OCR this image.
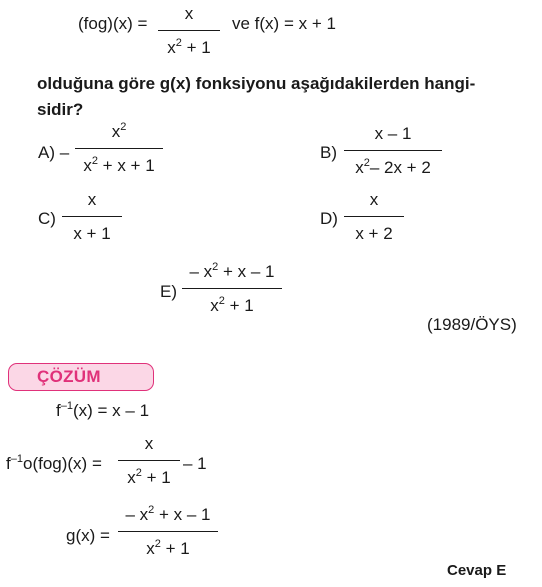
(fog)(x) =
x
$x^2 + 1$
ve f(x) = x + 1
olduğuna göre g(x) fonksiyonu aşağıdakilerden hangi-
sidir?
A) –
$x^2$
$x^2 + x + 1$
B)
x – 1
$x^2-$ 2x + 2
C)
x
x + 1
D)
x
x + 2
E)
– $x^2 + x - 1$
$x^2 + 1$
(1989/ÖYS)
ÇÖZÜM
$f^{-1}(x) = x - 1$
$f^{-1}o(fog)(x)$ =
x
$x^2 + 1$
– 1
g(x) =
– $x^2 + x - 1$
$x^2 + 1$
Cevap E
